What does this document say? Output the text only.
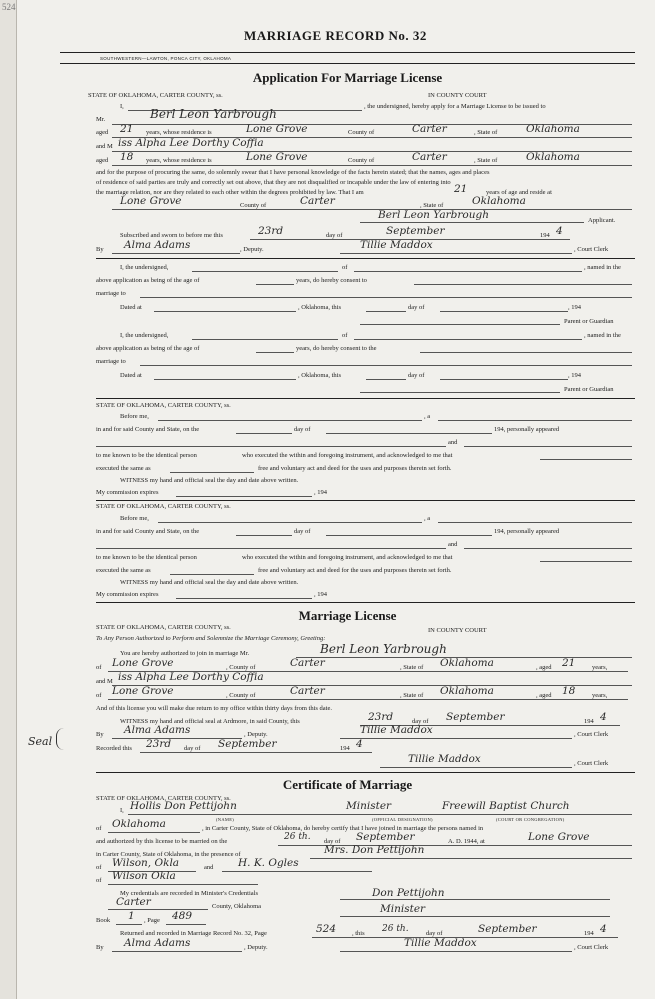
524
MARRIAGE RECORD No. 32
SOUTHWESTERN—LAWTON, PONCA CITY, OKLAHOMA
Application For Marriage License
STATE OF OKLAHOMA, CARTER COUNTY, ss.	IN COUNTY COURT
I,	, the undersigned, hereby apply for a Marriage License to be issued to
Mr.	Berl Leon Yarbrough
aged 21 years, whose residence is	Lone Grove	County of	Carter	, State of	Oklahoma
and M iss Alpha Lee Dorthy Coffia
aged 18 years, whose residence is	Lone Grove	County of	Carter	, State of	Oklahoma
and for the purpose of procuring the same, do solemnly swear that I have personal knowledge of the facts herein stated; that the names, ages and places
of residence of said parties are truly and correctly set out above, that they are not disqualified or incapable under the law of entering into
the marriage relation, nor are they related to each other within the degrees prohibited by law. That I am	21	years of age and reside at
Lone Grove	County of	Carter	, State of	Oklahoma
Berl Leon Yarbrough	Applicant.
Subscribed and sworn to before me this	23rd	day of	September	194 4
By Alma Adams	, Deputy.	Tillie Maddox	, Court Clerk
I, the undersigned,	of	, named in the
above application as being of the age of	years, do hereby consent to
marriage to
Dated at	, Oklahoma, this	day of	, 194
Parent or Guardian
I, the undersigned,	of	, named in the
above application as being of the age of	years, do hereby consent to the
marriage to
Dated at	, Oklahoma, this	day of	, 194
Parent or Guardian
STATE OF OKLAHOMA, CARTER COUNTY, ss.
Before me,	, a
in and for said County and State, on the	day of	194, personally appeared
and
to me known to be the identical person	who executed the within and foregoing instrument, and acknowledged to me that
executed the same as	free and voluntary act and deed for the uses and purposes therein set forth.
WITNESS my hand and official seal the day and date above written.
My commission expires	, 194
STATE OF OKLAHOMA, CARTER COUNTY, ss.
Before me,	, a
in and for said County and State, on the	day of	194, personally appeared
and
to me known to be the identical person	who executed the within and foregoing instrument, and acknowledged to me that
executed the same as	free and voluntary act and deed for the uses and purposes therein set forth.
WITNESS my hand and official seal the day and date above written.
My commission expires	, 194
Marriage License
STATE OF OKLAHOMA, CARTER COUNTY, ss.	IN COUNTY COURT
To Any Person Authorized to Perform and Solemnize the Marriage Ceremony, Greeting:
You are hereby authorized to join in marriage Mr.	Berl Leon Yarbrough
of Lone Grove	, County of	Carter	, State of Oklahoma	, aged 21	years,
and M iss Alpha Lee Dorthy Coffia
of Lone Grove	, County of	Carter	, State of Oklahoma	, aged 18	years,
And of this license you will make due return to my office within thirty days from this date.
WITNESS my hand and official seal at Ardmore, in said County, this	23rd	day of September	194 4
By Alma Adams	, Deputy.	Tillie Maddox	, Court Clerk
Seal
Recorded this 23rd day of September	194 4
Tillie Maddox	, Court Clerk
Certificate of Marriage
STATE OF OKLAHOMA, CARTER COUNTY, ss.
I, Hollis Don Pettijohn	Minister	Freewill Baptist Church
(NAME)	(OFFICIAL DESIGNATION)	(COURT OR CONGREGATION)
of Oklahoma	, in Carter County, State of Oklahoma, do hereby certify that I have joined in marriage the persons named in
and authorized by this license to be married on the	26 th. day of September	A. D. 1944, at	Lone Grove
in Carter County, State of Oklahoma, in the presence of	Mrs. Don Pettijohn
of Wilson, Okla	and H. K. Ogles
of Wilson Okla
My credentials are recorded in Minister's Credentials
Carter	County, Oklahoma
Don Pettijohn
Minister
Book 1 , Page 489
Returned and recorded in Marriage Record No. 32, Page	524 , this 26 th.	day of	September	194 4
By Alma Adams	, Deputy.	Tillie Maddox	, Court Clerk
